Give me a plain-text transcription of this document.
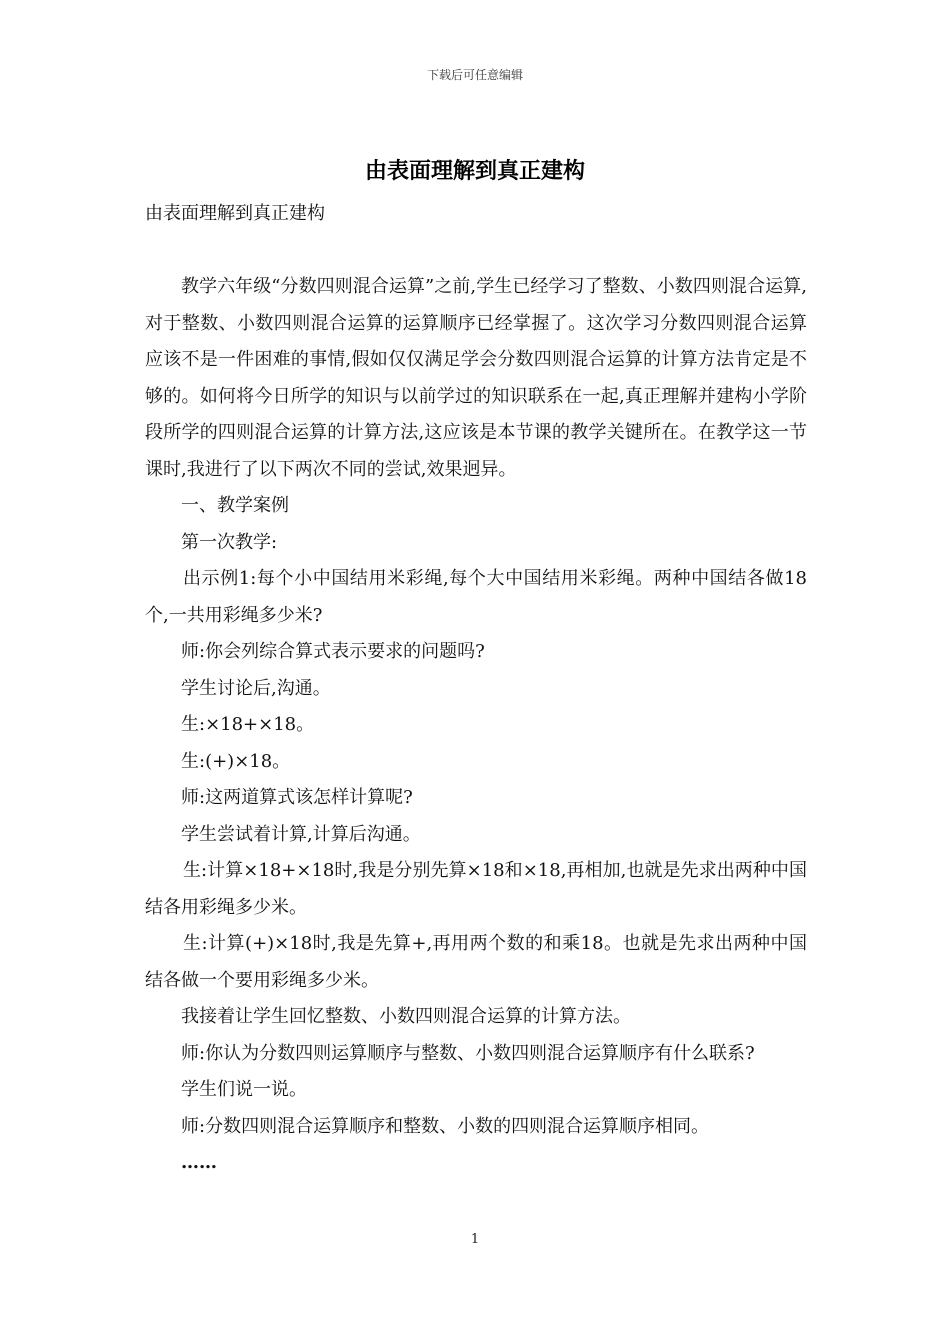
下载后可任意编辑
由表面理解到真正建构

由表面理解到真正建构

教学六年级“分数四则混合运算”之前,学生已经学习了整数、小数四则混合运算,对于整数、小数四则混合运算的运算顺序已经掌握了。这次学习分数四则混合运算应该不是一件困难的事情,假如仅仅满足学会分数四则混合运算的计算方法肯定是不够的。如何将今日所学的知识与以前学过的知识联系在一起,真正理解并建构小学阶段所学的四则混合运算的计算方法,这应该是本节课的教学关键所在。在教学这一节课时,我进行了以下两次不同的尝试,效果迥异。

一、教学案例

第一次教学:

出示例1:每个小中国结用米彩绳,每个大中国结用米彩绳。两种中国结各做18个,一共用彩绳多少米?

师:你会列综合算式表示要求的问题吗?

学生讨论后,沟通。

生:×18+×18。

生:(+)×18。

师:这两道算式该怎样计算呢?

学生尝试着计算,计算后沟通。

生:计算×18+×18时,我是分别先算×18和×18,再相加,也就是先求出两种中国结各用彩绳多少米。

生:计算(+)×18时,我是先算+,再用两个数的和乘18。也就是先求出两种中国结各做一个要用彩绳多少米。

我接着让学生回忆整数、小数四则混合运算的计算方法。

师:你认为分数四则运算顺序与整数、小数四则混合运算顺序有什么联系?

学生们说一说。

师:分数四则混合运算顺序和整数、小数的四则混合运算顺序相同。

……

1
